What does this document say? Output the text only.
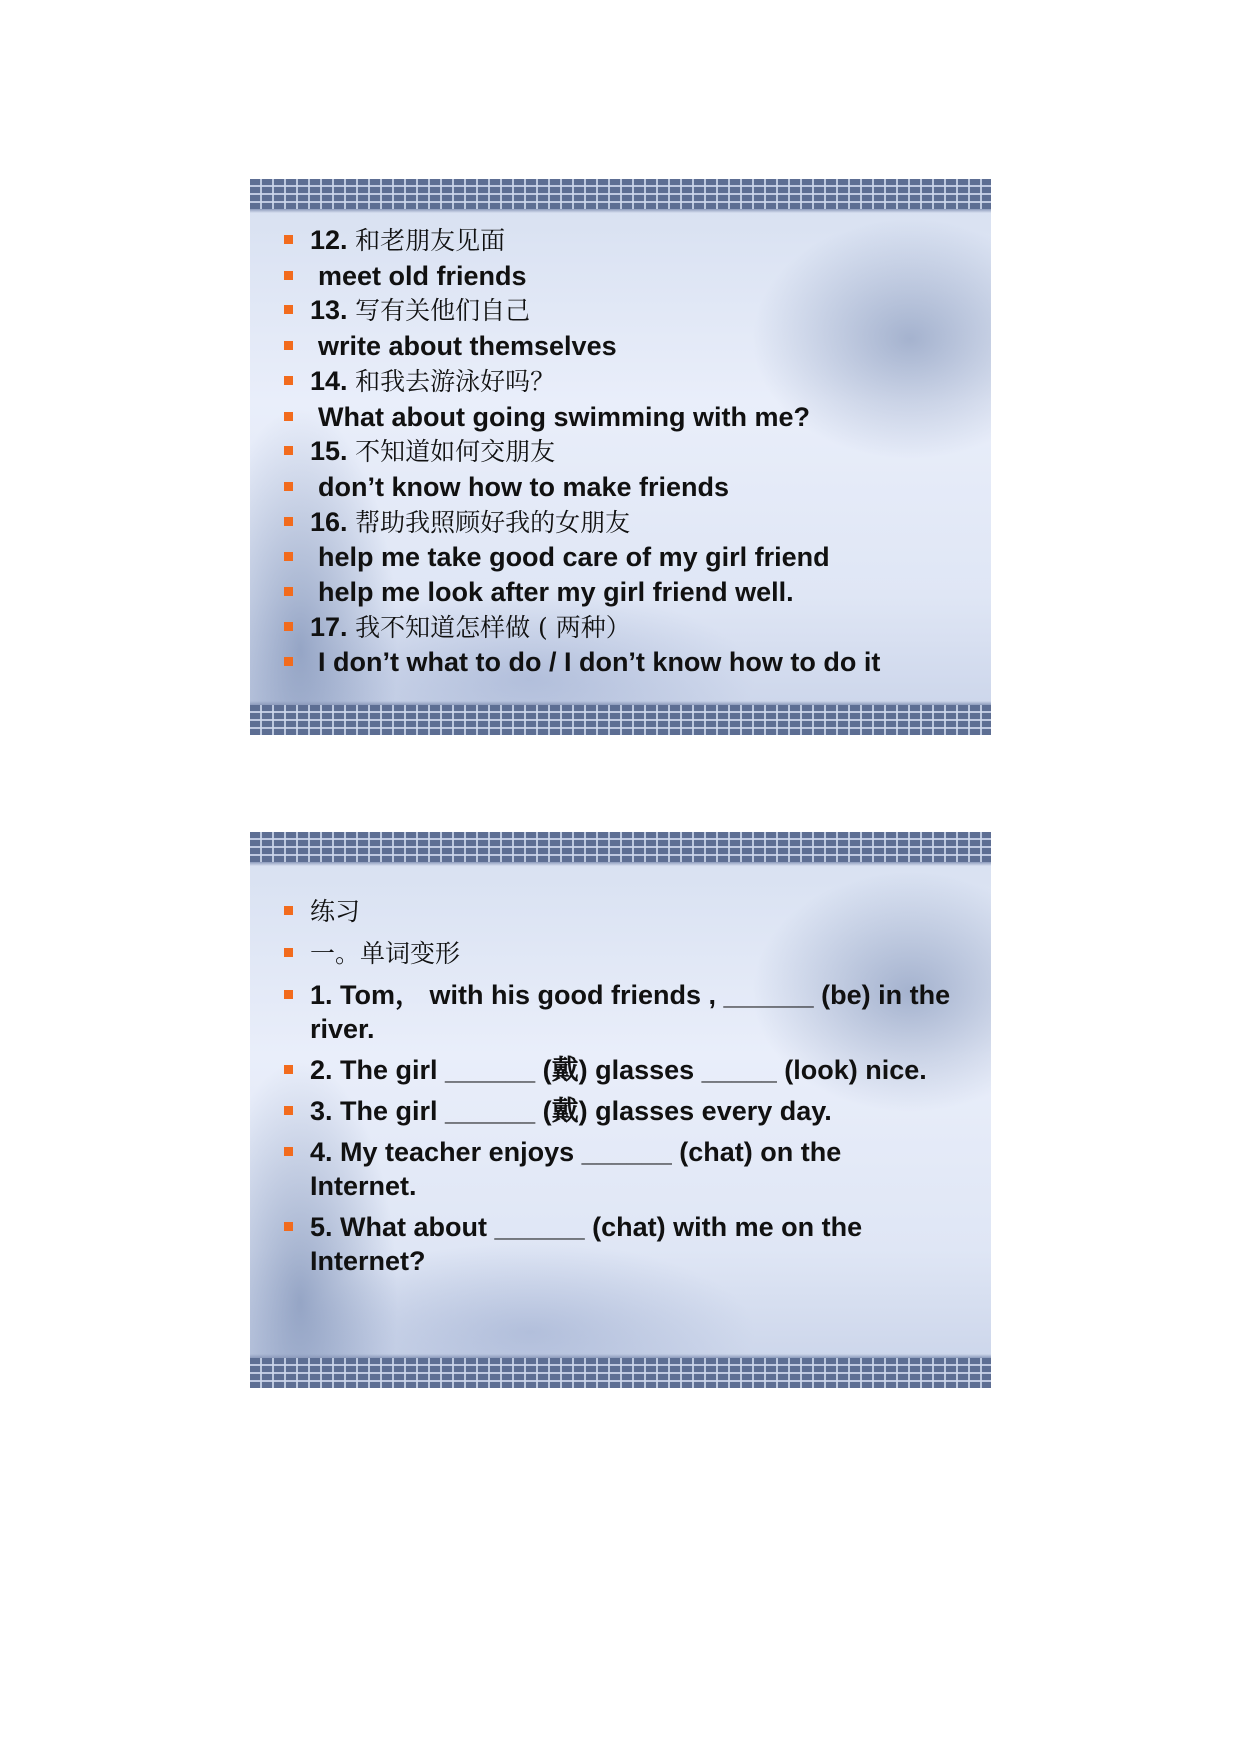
12. 和老朋友见面
meet old friends
13. 写有关他们自己
write about themselves
14. 和我去游泳好吗？
What about going swimming with me?
15. 不知道如何交朋友
don’t know how to make friends
16. 帮助我照顾好我的女朋友
help me take good care of my girl friend
help me look after my girl friend well.
17. 我不知道怎样做 ( 两种）
I don’t what to do / I don’t know how to do it
练习
一。单词变形
1. Tom， with his good friends , ______ (be) in the river.
2. The girl ______ (戴) glasses _____ (look) nice.
3. The girl ______ (戴) glasses every day.
4. My teacher enjoys ______ (chat) on the Internet.
5. What about ______ (chat) with me on the Internet?
